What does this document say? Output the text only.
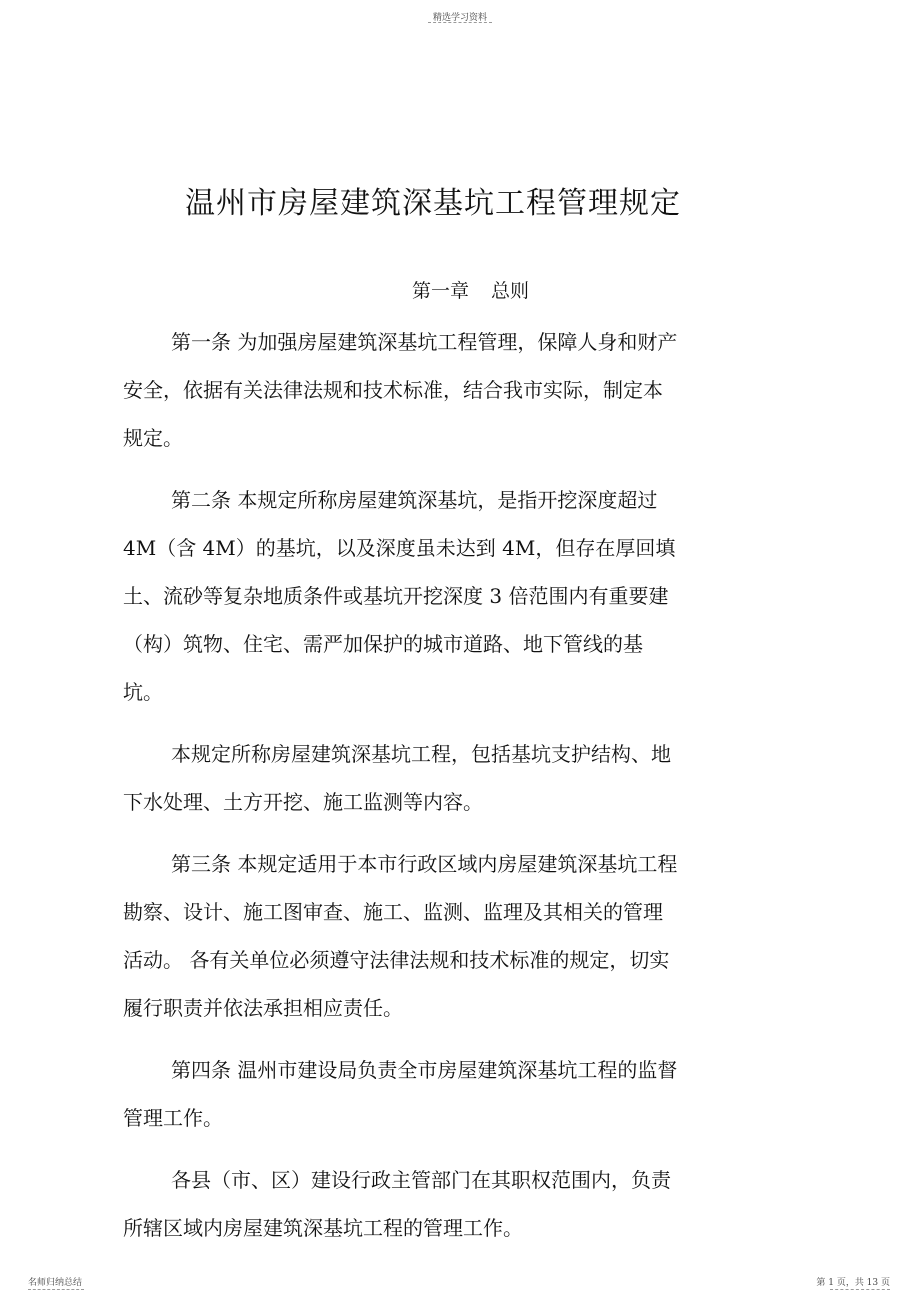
精选学习资料
温州市房屋建筑深基坑工程管理规定
第一章 总则
第一条 为加强房屋建筑深基坑工程管理，保障人身和财产
安全，依据有关法律法规和技术标准，结合我市实际，制定本
规定。
第二条 本规定所称房屋建筑深基坑，是指开挖深度超过
4M（含 4M）的基坑，以及深度虽未达到 4M，但存在厚回填
土、流砂等复杂地质条件或基坑开挖深度 3 倍范围内有重要建
（构）筑物、住宅、需严加保护的城市道路、地下管线的基
坑。
本规定所称房屋建筑深基坑工程，包括基坑支护结构、地
下水处理、土方开挖、施工监测等内容。
第三条 本规定适用于本市行政区域内房屋建筑深基坑工程
勘察、设计、施工图审查、施工、监测、监理及其相关的管理
活动。 各有关单位必须遵守法律法规和技术标准的规定，切实
履行职责并依法承担相应责任。
第四条 温州市建设局负责全市房屋建筑深基坑工程的监督
管理工作。
各县（市、区）建设行政主管部门在其职权范围内，负责
所辖区域内房屋建筑深基坑工程的管理工作。
名师归纳总结	第 1 页，共 13 页
